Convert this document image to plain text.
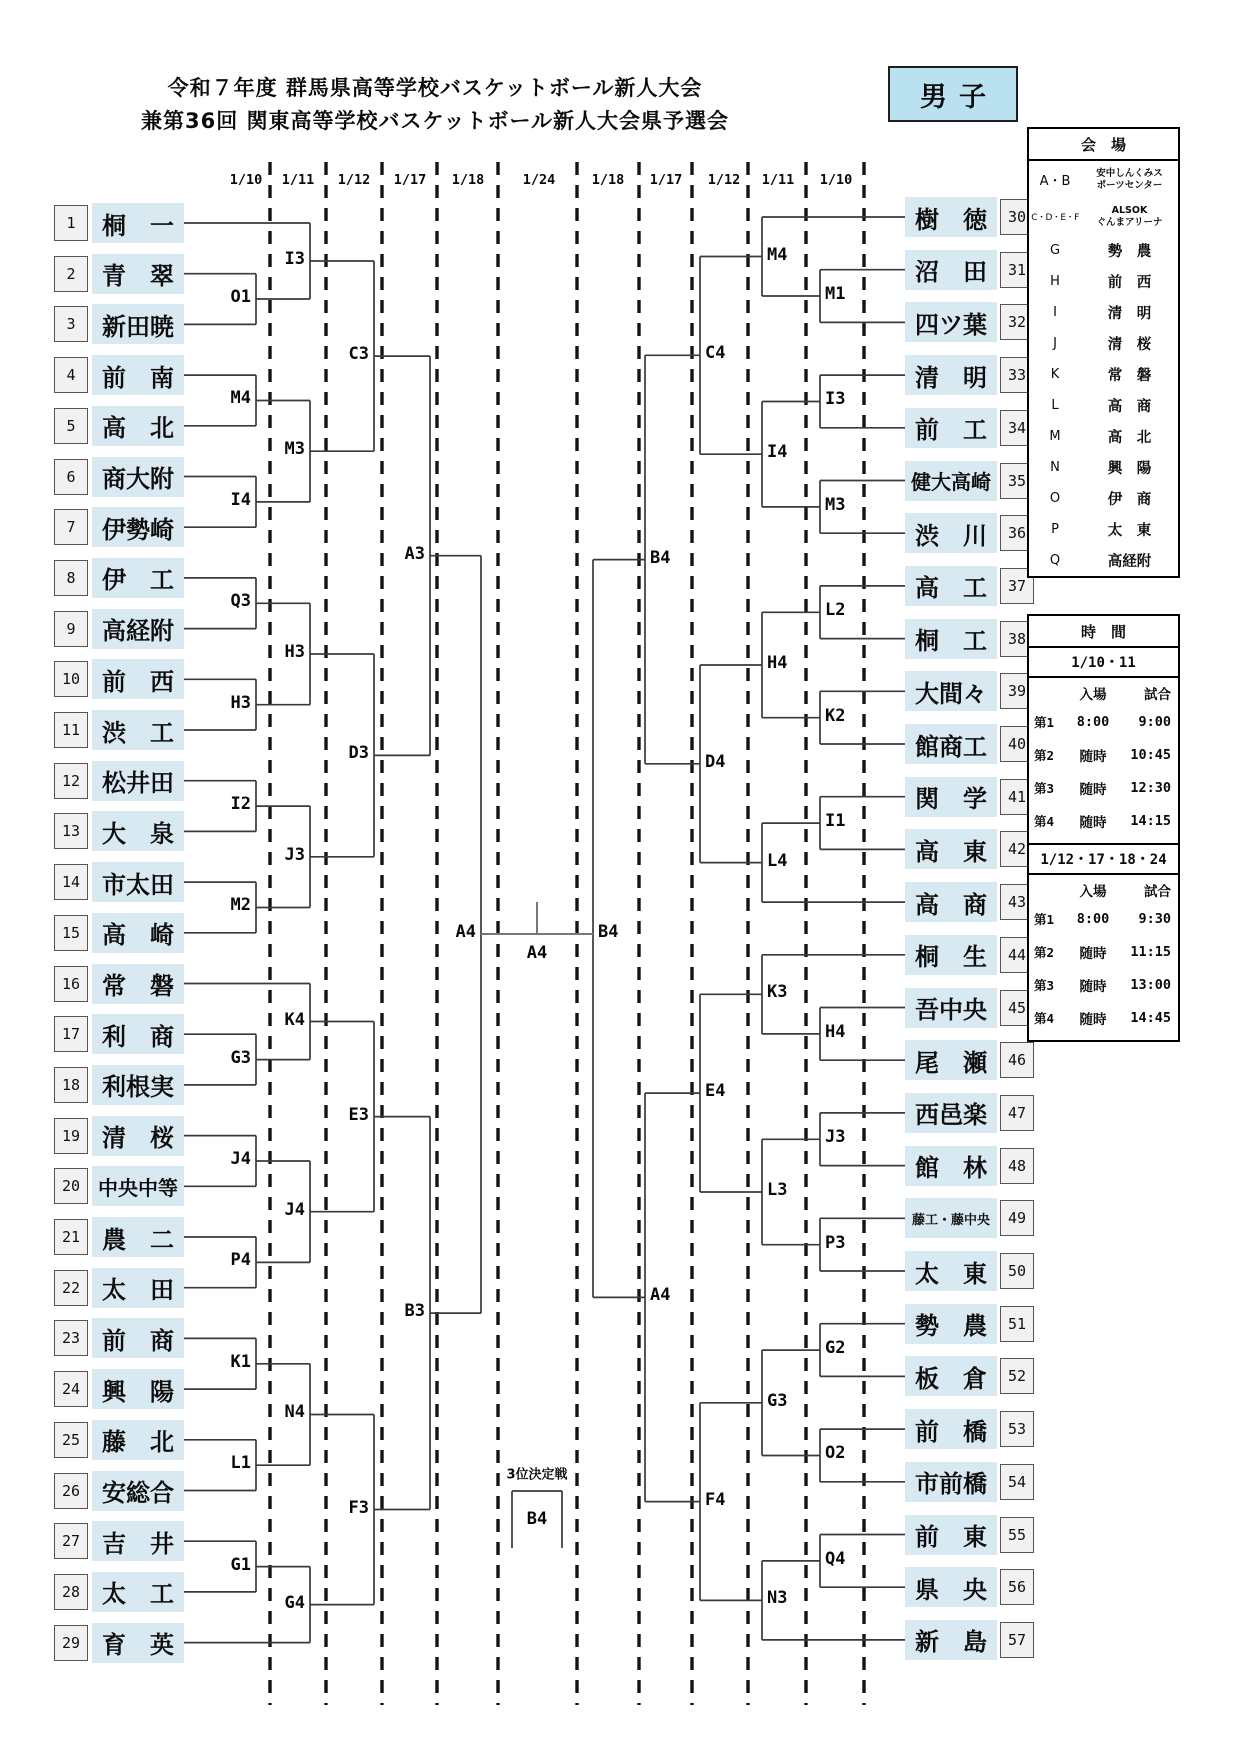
令和７年度 群馬県高等学校バスケットボール新人大会
兼第36回 関東高等学校バスケットボール新人大会県予選会
男子
1/10 1/11 1/12 1/17 1/18	1/24	1/18 1/17 1/12 1/11 1/10
1	桐　一
2	青　翠
3	新田暁
4	前　南
5	高　北
6	商大附
7	伊勢崎
8	伊　工
9	高経附
10 前　西
11 渋　工
12 松井田
13 大　泉
14 市太田
15 高　崎
16 常　磐
17 利　商
18 利根実
19 清　桜
20 中央中等
21 農　二
22 太　田
23 前　商
24 興　陽
25 藤　北
26 安総合
27 吉　井
28 太　工
29 育　英
30
樹　徳
31
沼　田
32
四ツ葉
33
清　明
34
前　工
35
健大高崎
36
渋　川
37
高　工
38
桐　工
39
大間々
40
館商工
41
関　学
42
高　東
43
高　商
44
桐　生
45
吾中央
46
尾　瀬
47
西邑楽
48
館　林
49
藤工・藤中央
50
太　東
51
勢　農
52
板　倉
53
前　橋
54
市前橋
55
前　東
56
県　央
57
新　島
O1
M4
I4
Q3
H3
I2
M2
G3
J4
P4
K1
L1
G1
I3
M3
H3
J3
K4
J4
N4
G4
C3
D3
E3
F3
A3
B3
A4
M1
I3
M3
L2
K2
I1
H4
J3
P3
G2
O2
Q4
M4
I4
H4
L4
K3
L3
G3
N3
C4
D4
E4
F4
B4
A4
B4
A4
B4
会　場
A・B
安中しんくみス
ポーツセンター
C・D・E・F
ALSOK
ぐんまアリーナ
G	勢　農
H	前　西
I	清　明
J	清　桜
K	常　磐
L	高　商
M	高　北
N	興　陽
O	伊　商
P	太　東
Q	高経附
時　間
1/10・11
入場	試合
第1	8:00	9:00
第2	随時	10:45
第3	随時	12:30
第4	随時	14:15
1/12・17・18・24
入場	試合
第1	8:00	9:30
第2	随時	11:15
第3	随時	13:00
第4	随時	14:45
3位決定戦
